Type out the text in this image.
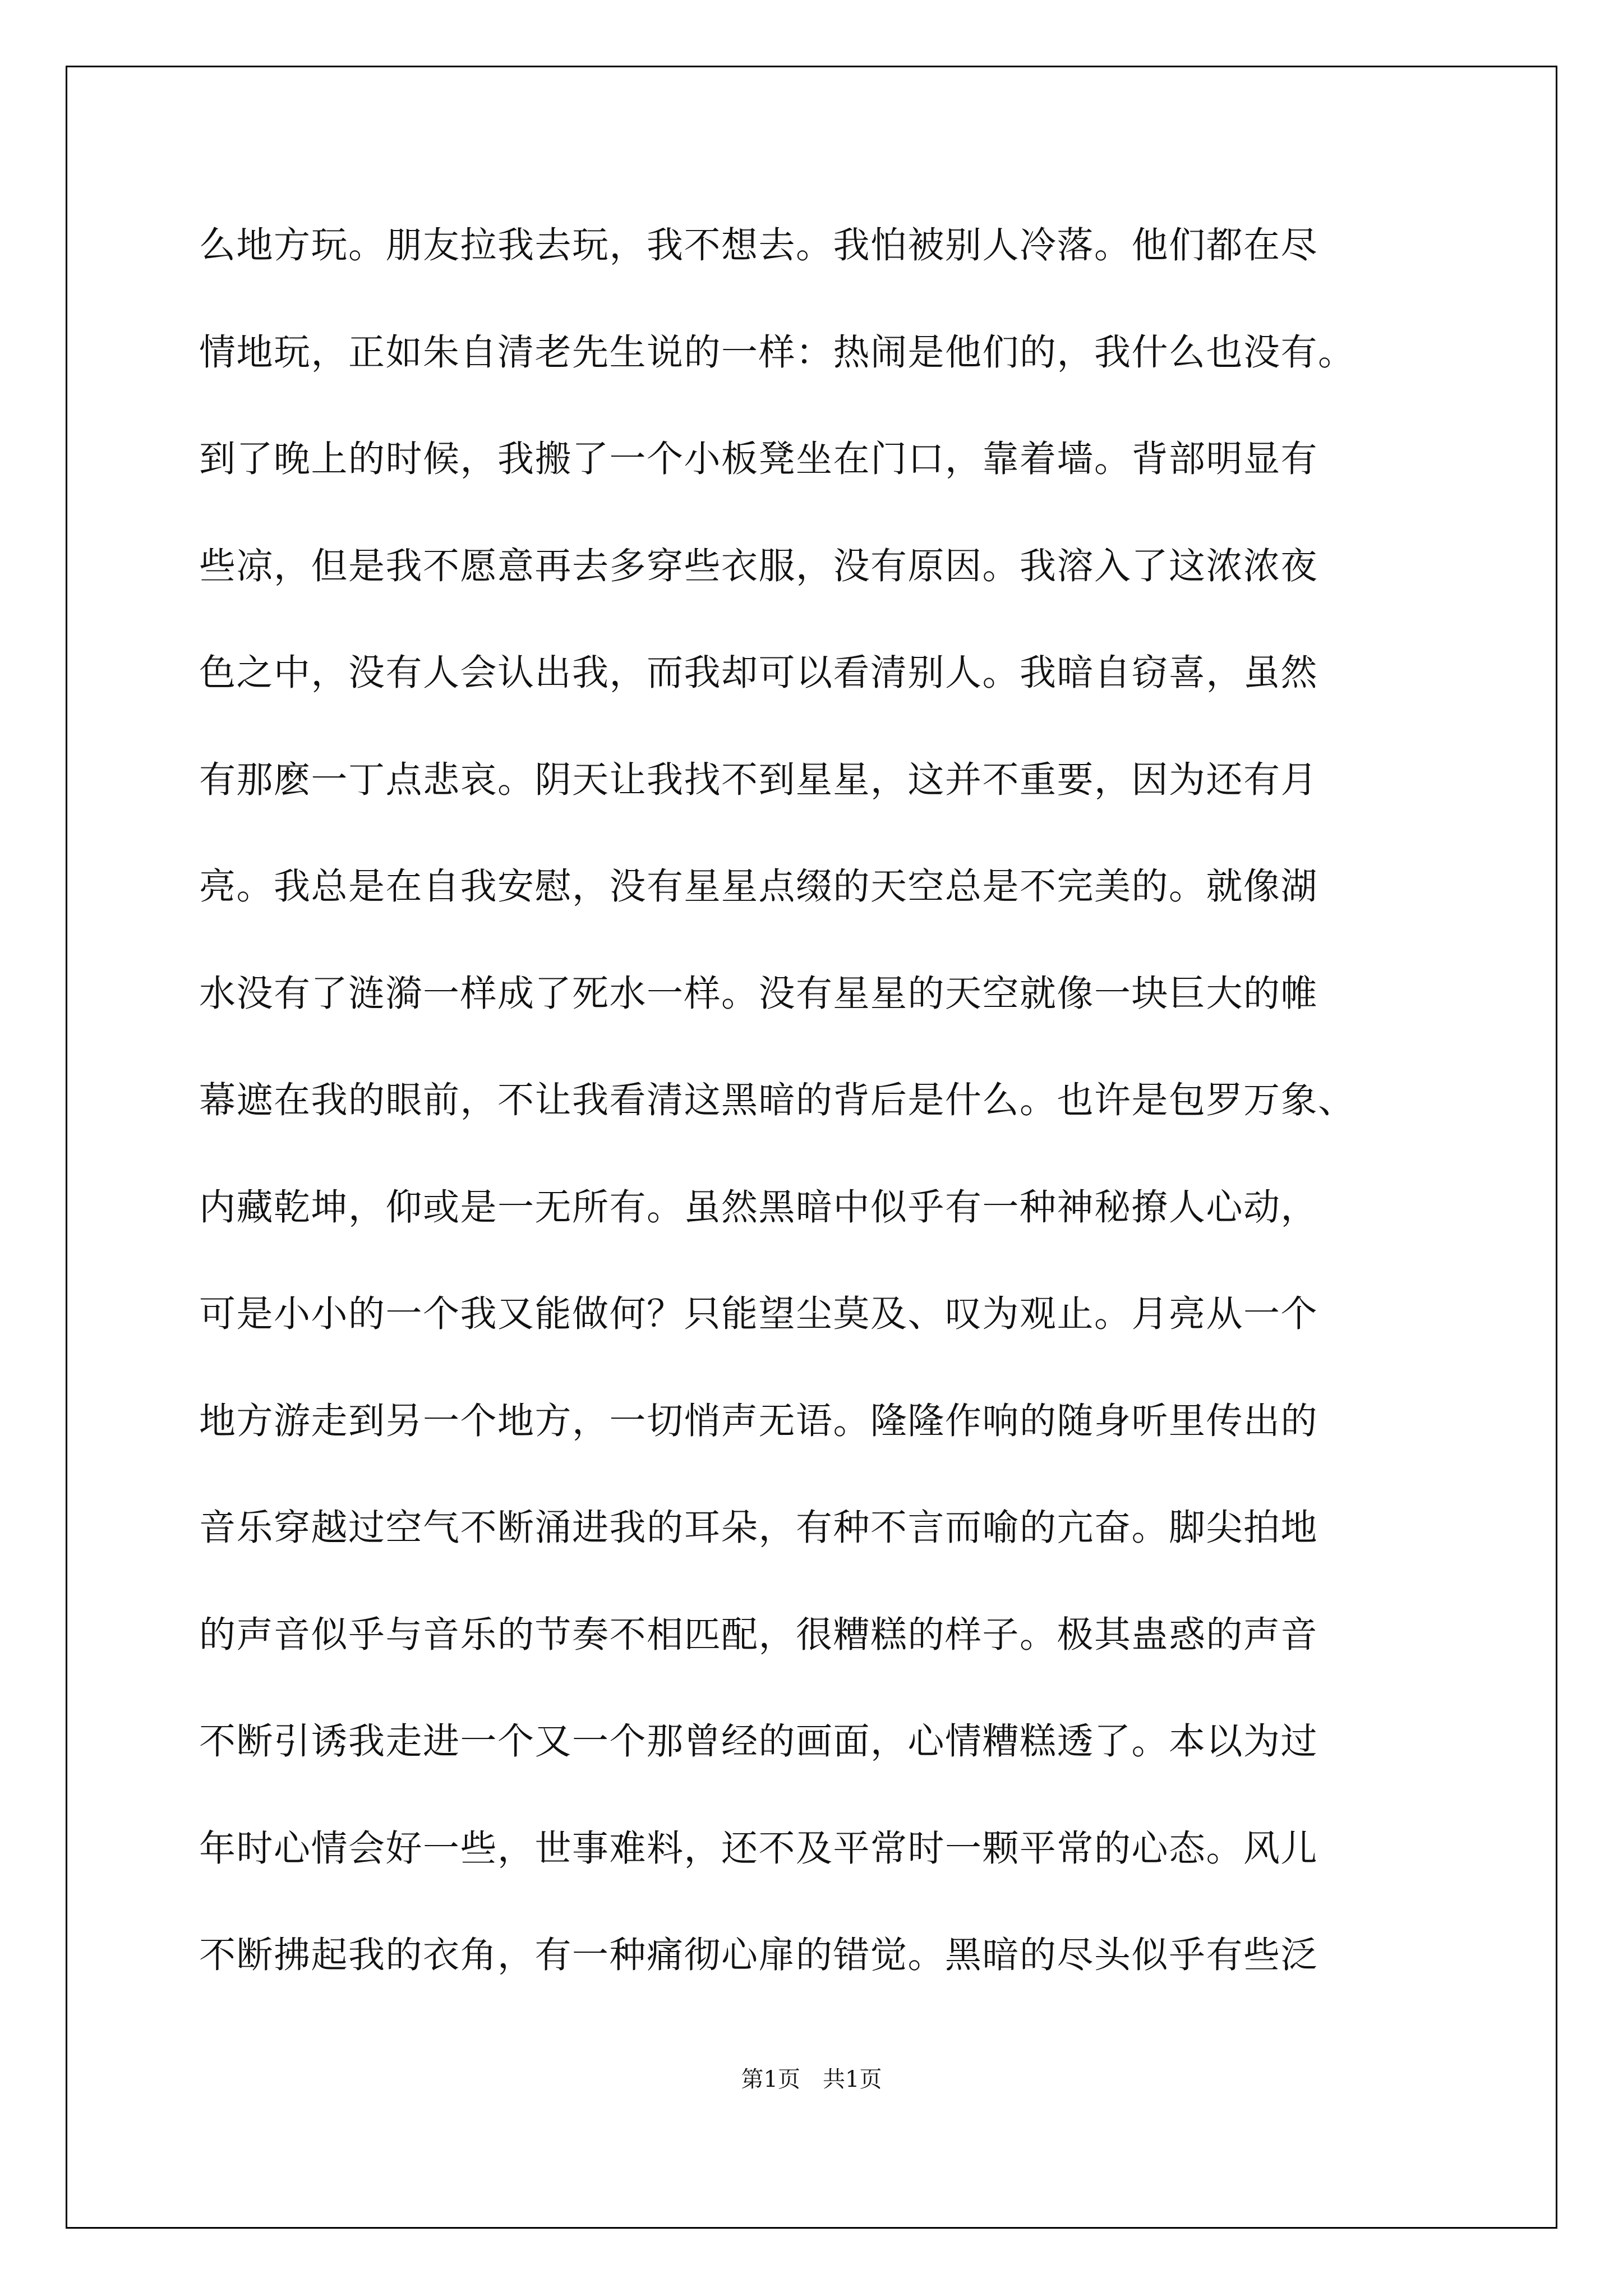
么地方玩。朋友拉我去玩，我不想去。我怕被别人冷落。他们都在尽
情地玩，正如朱自清老先生说的一样：热闹是他们的，我什么也没有。
到了晚上的时候，我搬了一个小板凳坐在门口，靠着墙。背部明显有
些凉，但是我不愿意再去多穿些衣服，没有原因。我溶入了这浓浓夜
色之中，没有人会认出我，而我却可以看清别人。我暗自窃喜，虽然
有那麽一丁点悲哀。阴天让我找不到星星，这并不重要，因为还有月
亮。我总是在自我安慰，没有星星点缀的天空总是不完美的。就像湖
水没有了涟漪一样成了死水一样。没有星星的天空就像一块巨大的帷
幕遮在我的眼前，不让我看清这黑暗的背后是什么。也许是包罗万象、
内藏乾坤，仰或是一无所有。虽然黑暗中似乎有一种神秘撩人心动，
可是小小的一个我又能做何？只能望尘莫及、叹为观止。月亮从一个
地方游走到另一个地方，一切悄声无语。隆隆作响的随身听里传出的
音乐穿越过空气不断涌进我的耳朵，有种不言而喻的亢奋。脚尖拍地
的声音似乎与音乐的节奏不相匹配，很糟糕的样子。极其蛊惑的声音
不断引诱我走进一个又一个那曾经的画面，心情糟糕透了。本以为过
年时心情会好一些，世事难料，还不及平常时一颗平常的心态。风儿
不断拂起我的衣角，有一种痛彻心扉的错觉。黑暗的尽头似乎有些泛
第1页　共1页
